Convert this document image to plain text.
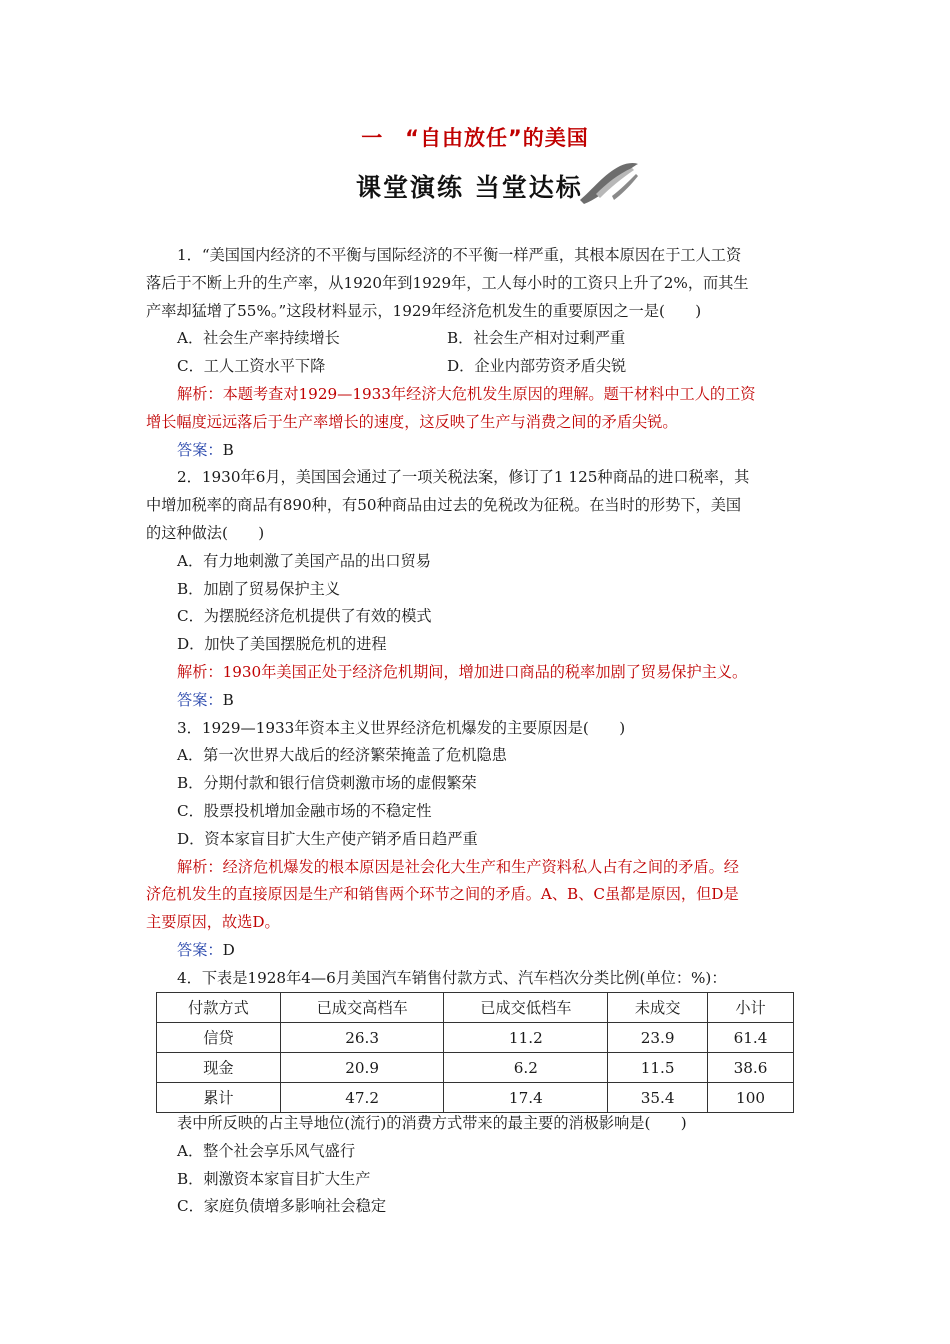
一　“自由放任”的美国
课堂演练 当堂达标
1．“美国国内经济的不平衡与国际经济的不平衡一样严重，其根本原因在于工人工资
落后于不断上升的生产率，从1920年到1929年，工人每小时的工资只上升了2%，而其生
产率却猛增了55%。”这段材料显示，1929年经济危机发生的重要原因之一是(　　)
A．社会生产率持续增长	B．社会生产相对过剩严重
C．工人工资水平下降	D．企业内部劳资矛盾尖锐
解析：本题考查对1929—1933年经济大危机发生原因的理解。题干材料中工人的工资
增长幅度远远落后于生产率增长的速度，这反映了生产与消费之间的矛盾尖锐。
答案：B
2．1930年6月，美国国会通过了一项关税法案，修订了1 125种商品的进口税率，其
中增加税率的商品有890种，有50种商品由过去的免税改为征税。在当时的形势下，美国
的这种做法(　　)
A．有力地刺激了美国产品的出口贸易
B．加剧了贸易保护主义
C．为摆脱经济危机提供了有效的模式
D．加快了美国摆脱危机的进程
解析：1930年美国正处于经济危机期间，增加进口商品的税率加剧了贸易保护主义。
答案：B
3．1929—1933年资本主义世界经济危机爆发的主要原因是(　　)
A．第一次世界大战后的经济繁荣掩盖了危机隐患
B．分期付款和银行信贷刺激市场的虚假繁荣
C．股票投机增加金融市场的不稳定性
D．资本家盲目扩大生产使产销矛盾日趋严重
解析：经济危机爆发的根本原因是社会化大生产和生产资料私人占有之间的矛盾。经
济危机发生的直接原因是生产和销售两个环节之间的矛盾。A、B、C虽都是原因，但D是
主要原因，故选D。
答案：D
4．下表是1928年4—6月美国汽车销售付款方式、汽车档次分类比例(单位：%)：
付款方式	已成交高档车	已成交低档车	未成交	小计
信贷	26.3	11.2	23.9	61.4
现金	20.9	6.2	11.5	38.6
累计	47.2	17.4	35.4	100
表中所反映的占主导地位(流行)的消费方式带来的最主要的消极影响是(　　)
A．整个社会享乐风气盛行
B．刺激资本家盲目扩大生产
C．家庭负债增多影响社会稳定
